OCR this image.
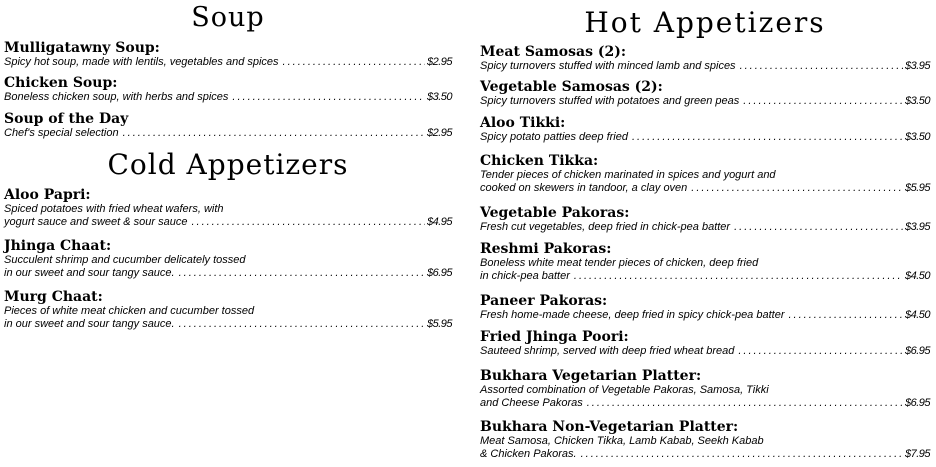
Soup
Mulligatawny Soup:
Spicy hot soup, made with lentils, vegetables and spices .....	$2.95
Chicken Soup:
Boneless chicken soup, with herbs and spices .....	$3.50
Soup of the Day
Chef's special selection .....	$2.95
Cold Appetizers
Aloo Papri:
Spiced potatoes with fried wheat wafers, with
yogurt sauce and sweet & sour sauce .....	$4.95
Jhinga Chaat:
Succulent shrimp and cucumber delicately tossed
in our sweet and sour tangy sauce. .....	$6.95
Murg Chaat:
Pieces of white meat chicken and cucumber tossed
in our sweet and sour tangy sauce. .....	$5.95
Hot Appetizers
Meat Samosas (2):
Spicy turnovers stuffed with minced lamb and spices .....	$3.95
Vegetable Samosas (2):
Spicy turnovers stuffed with potatoes and green peas .....	$3.50
Aloo Tikki:
Spicy potato patties deep fried .....	$3.50
Chicken Tikka:
Tender pieces of chicken marinated in spices and yogurt and
cooked on skewers in tandoor, a clay oven .....	$5.95
Vegetable Pakoras:
Fresh cut vegetables, deep fried in chick-pea batter .....	$3.95
Reshmi Pakoras:
Boneless white meat tender pieces of chicken, deep fried
in chick-pea batter .....	$4.50
Paneer Pakoras:
Fresh home-made cheese, deep fried in spicy chick-pea batter .....	$4.50
Fried Jhinga Poori:
Sauteed shrimp, served with deep fried wheat bread .....	$6.95
Bukhara Vegetarian Platter:
Assorted combination of Vegetable Pakoras, Samosa, Tikki
and Cheese Pakoras .....	$6.95
Bukhara Non-Vegetarian Platter:
Meat Samosa, Chicken Tikka, Lamb Kabab, Seekh Kabab
& Chicken Pakoras. .....	$7.95
